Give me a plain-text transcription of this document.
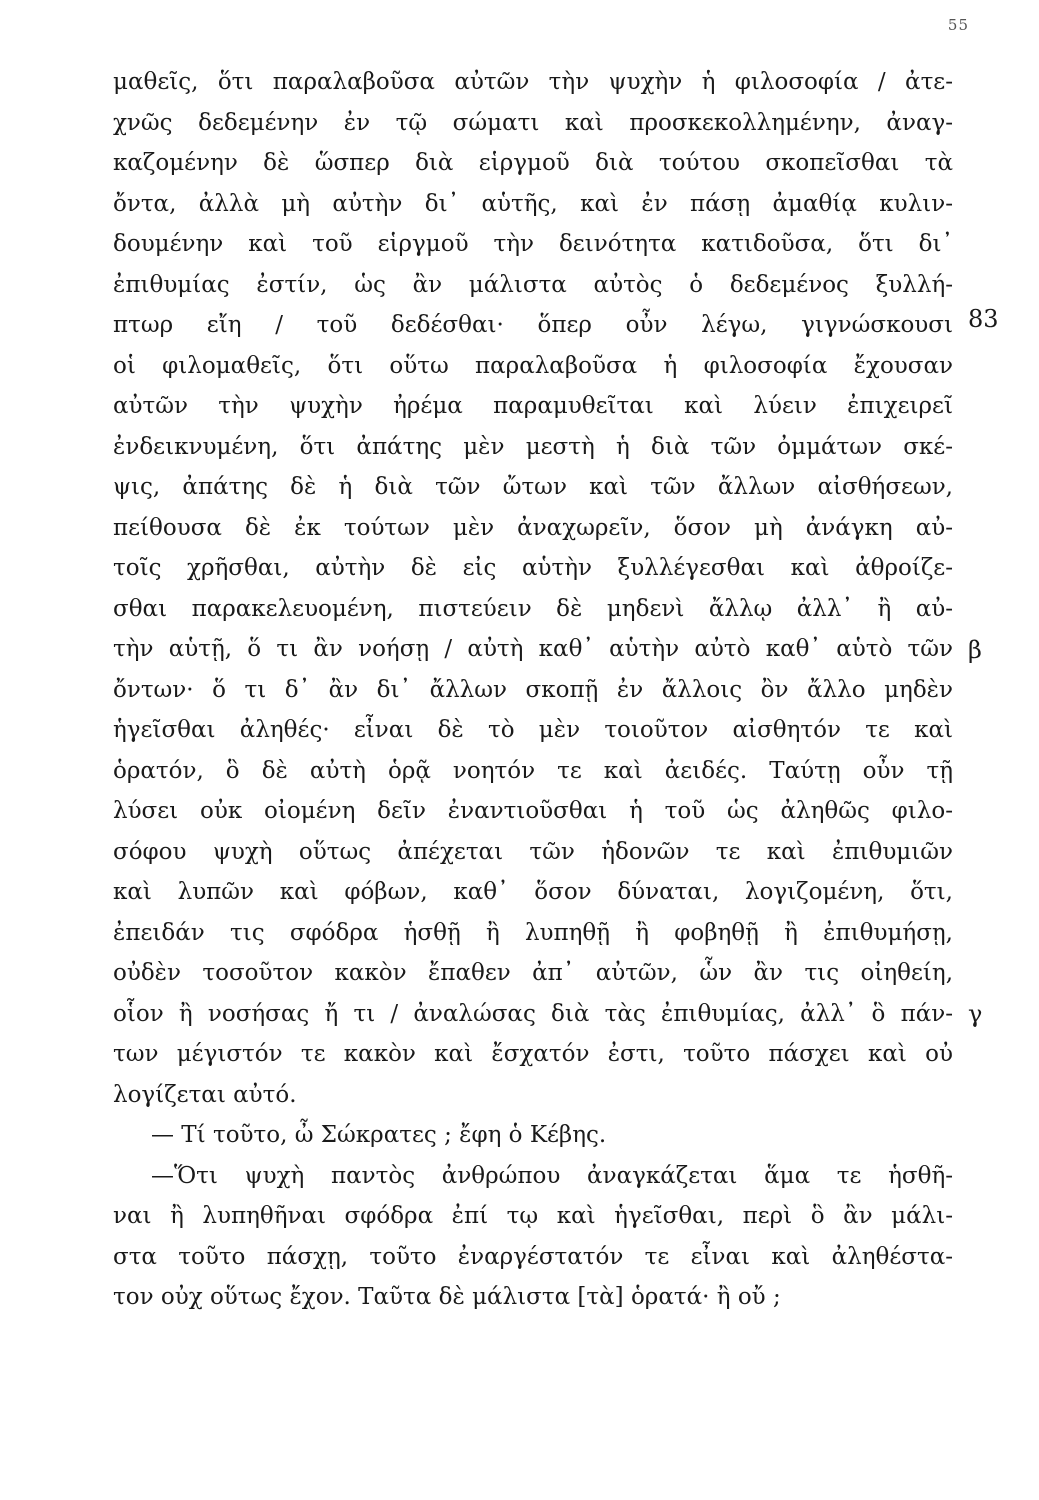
55
μαθεῖς, ὅτι παραλαβοῦσα αὐτῶν τὴν ψυχὴν ἡ φιλοσοφία / ἀτε-
χνῶς δεδεμένην ἐν τῷ σώματι καὶ προσκεκολλημένην, ἀναγ-
καζομένην δὲ ὥσπερ διὰ εἱργμοῦ διὰ τούτου σκοπεῖσθαι τὰ
ὄντα, ἀλλὰ μὴ αὐτὴν δι᾽ αὑτῆς, καὶ ἐν πάσῃ ἀμαθίᾳ κυλιν-
δουμένην καὶ τοῦ εἱργμοῦ τὴν δεινότητα κατιδοῦσα, ὅτι δι᾽
ἐπιθυμίας ἐστίν, ὡς ἂν μάλιστα αὐτὸς ὁ δεδεμένος ξυλλή-
πτωρ εἴη / τοῦ δεδέσθαι· ὅπερ οὖν λέγω, γιγνώσκουσι
οἱ φιλομαθεῖς, ὅτι οὕτω παραλαβοῦσα ἡ φιλοσοφία ἔχουσαν
αὐτῶν τὴν ψυχὴν ἠρέμα παραμυθεῖται καὶ λύειν ἐπιχειρεῖ
ἐνδεικνυμένη, ὅτι ἀπάτης μὲν μεστὴ ἡ διὰ τῶν ὀμμάτων σκέ-
ψις, ἀπάτης δὲ ἡ διὰ τῶν ὤτων καὶ τῶν ἄλλων αἰσθήσεων,
πείθουσα δὲ ἐκ τούτων μὲν ἀναχωρεῖν, ὅσον μὴ ἀνάγκη αὐ-
τοῖς χρῆσθαι, αὐτὴν δὲ εἰς αὑτὴν ξυλλέγεσθαι καὶ ἀθροίζε-
σθαι παρακελευομένη, πιστεύειν δὲ μηδενὶ ἄλλῳ ἀλλ᾽ ἢ αὐ-
τὴν αὑτῇ, ὅ τι ἂν νοήσῃ / αὐτὴ καθ᾽ αὑτὴν αὐτὸ καθ᾽ αὑτὸ τῶν
ὄντων· ὅ τι δ᾽ ἂν δι᾽ ἄλλων σκοπῇ ἐν ἄλλοις ὂν ἄλλο μηδὲν
ἡγεῖσθαι ἀληθές· εἶναι δὲ τὸ μὲν τοιοῦτον αἰσθητόν τε καὶ
ὁρατόν, ὃ δὲ αὐτὴ ὁρᾷ νοητόν τε καὶ ἀειδές. Ταύτῃ οὖν τῇ
λύσει οὐκ οἰομένη δεῖν ἐναντιοῦσθαι ἡ τοῦ ὡς ἀληθῶς φιλο-
σόφου ψυχὴ οὕτως ἀπέχεται τῶν ἡδονῶν τε καὶ ἐπιθυμιῶν
καὶ λυπῶν καὶ φόβων, καθ᾽ ὅσον δύναται, λογιζομένη, ὅτι,
ἐπειδάν τις σφόδρα ἡσθῇ ἢ λυπηθῇ ἢ φοβηθῇ ἢ ἐπιθυμήσῃ,
οὐδὲν τοσοῦτον κακὸν ἔπαθεν ἀπ᾽ αὐτῶν, ὧν ἂν τις οἰηθείη,
οἷον ἢ νοσήσας ἤ τι / ἀναλώσας διὰ τὰς ἐπιθυμίας, ἀλλ᾽ ὃ πάν-
των μέγιστόν τε κακὸν καὶ ἔσχατόν ἐστι, τοῦτο πάσχει καὶ οὐ
λογίζεται αὐτό.
— Τί τοῦτο, ὦ Σώκρατες ; ἔφη ὁ Κέβης.
—Ὅτι ψυχὴ παντὸς ἀνθρώπου ἀναγκάζεται ἅμα τε ἡσθῆ-
ναι ἢ λυπηθῆναι σφόδρα ἐπί τῳ καὶ ἡγεῖσθαι, περὶ ὃ ἂν μάλι-
στα τοῦτο πάσχῃ, τοῦτο ἐναργέστατόν τε εἶναι καὶ ἀληθέστα-
τον οὐχ οὕτως ἔχον. Ταῦτα δὲ μάλιστα [τὰ] ὁρατά· ἢ οὔ ;
83
β
γ
